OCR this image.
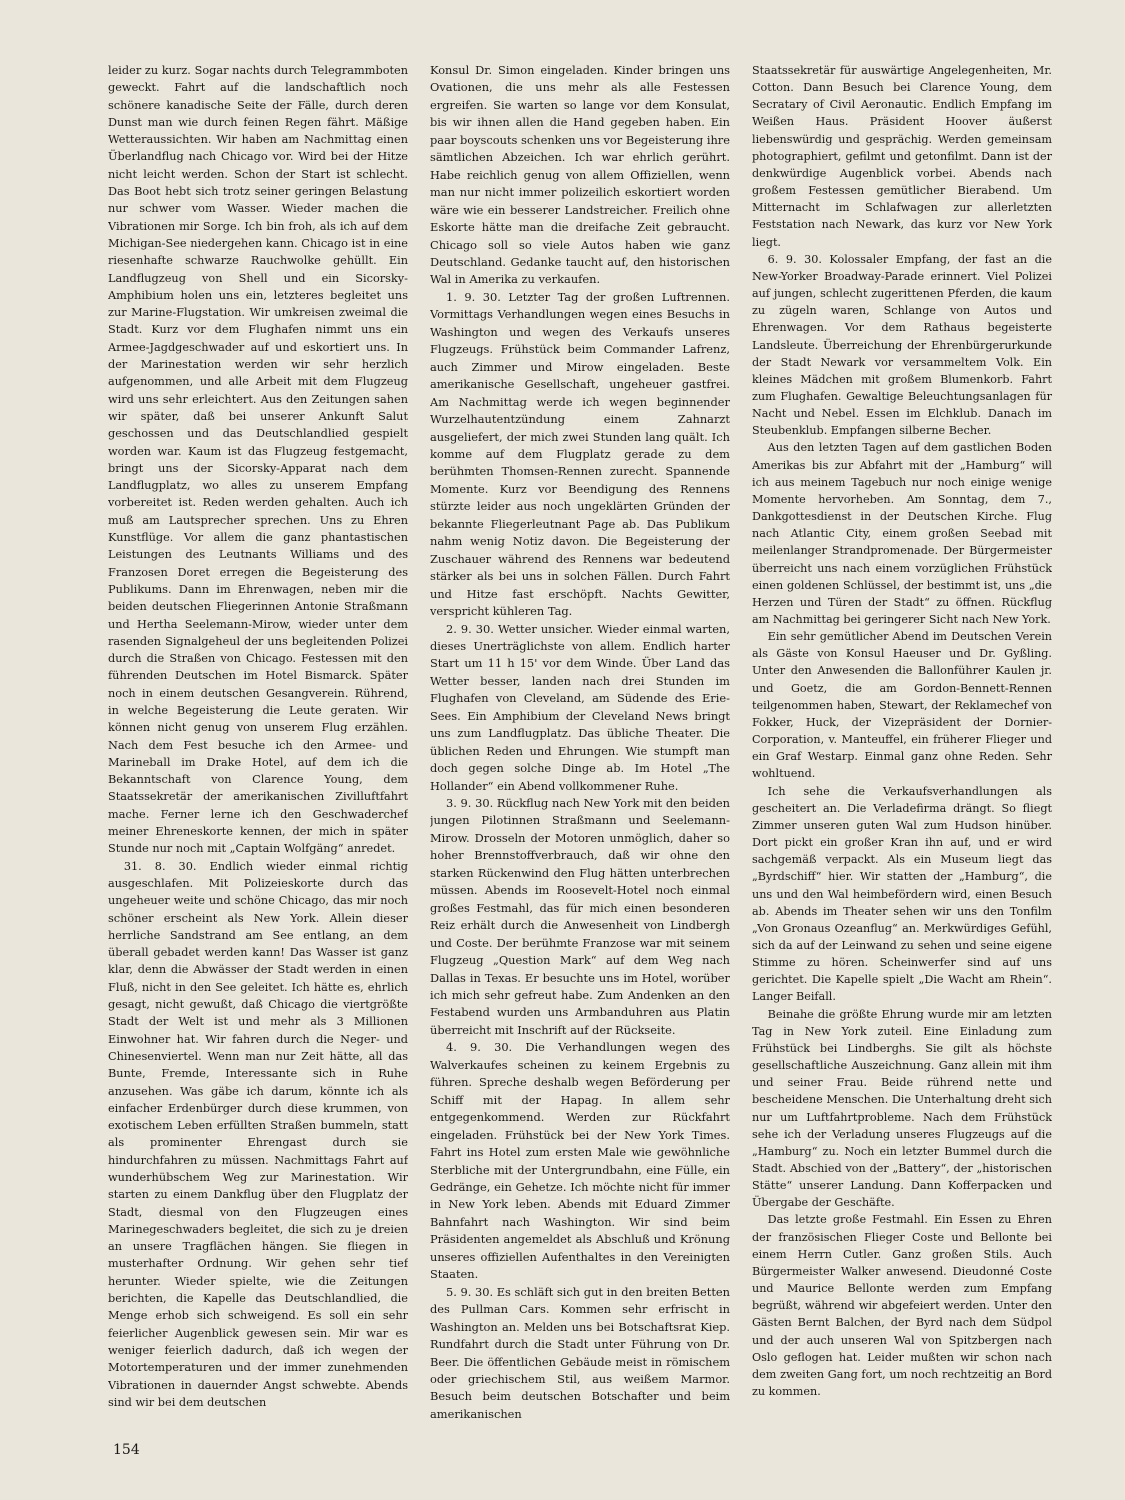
leider zu kurz. Sogar nachts durch Telegrammboten geweckt. Fahrt auf die landschaftlich noch schönere kanadische Seite der Fälle, durch deren Dunst man wie durch feinen Regen fährt. Mäßige Wetteraussichten. Wir haben am Nachmittag einen Überlandflug nach Chicago vor. Wird bei der Hitze nicht leicht werden. Schon der Start ist schlecht. Das Boot hebt sich trotz seiner geringen Belastung nur schwer vom Wasser. Wieder machen die Vibrationen mir Sorge. Ich bin froh, als ich auf dem Michigan-See niedergehen kann. Chicago ist in eine riesenhafte schwarze Rauchwolke gehüllt. Ein Landflugzeug von Shell und ein Sicorsky-Amphibium holen uns ein, letzteres begleitet uns zur Marine-Flugstation. Wir umkreisen zweimal die Stadt. Kurz vor dem Flughafen nimmt uns ein Armee-Jagdgeschwader auf und eskortiert uns. In der Marinestation werden wir sehr herzlich aufgenommen, und alle Arbeit mit dem Flugzeug wird uns sehr erleichtert. Aus den Zeitungen sahen wir später, daß bei unserer Ankunft Salut geschossen und das Deutschlandlied gespielt worden war. Kaum ist das Flugzeug festgemacht, bringt uns der Sicorsky-Apparat nach dem Landflugplatz, wo alles zu unserem Empfang vorbereitet ist. Reden werden gehalten. Auch ich muß am Lautsprecher sprechen. Uns zu Ehren Kunstflüge. Vor allem die ganz phantastischen Leistungen des Leutnants Williams und des Franzosen Doret erregen die Begeisterung des Publikums. Dann im Ehrenwagen, neben mir die beiden deutschen Fliegerinnen Antonie Straßmann und Hertha Seelemann-Mirow, wieder unter dem rasenden Signalgeheul der uns begleitenden Polizei durch die Straßen von Chicago. Festessen mit den führenden Deutschen im Hotel Bismarck. Später noch in einem deutschen Gesangverein. Rührend, in welche Begeisterung die Leute geraten. Wir können nicht genug von unserem Flug erzählen. Nach dem Fest besuche ich den Armee- und Marineball im Drake Hotel, auf dem ich die Bekanntschaft von Clarence Young, dem Staatssekretär der amerikanischen Zivilluftfahrt mache. Ferner lerne ich den Geschwaderchef meiner Ehreneskorte kennen, der mich in später Stunde nur noch mit „Captain Wolfgäng“ anredet.

31. 8. 30. Endlich wieder einmal richtig ausgeschlafen. Mit Polizeieskorte durch das ungeheuer weite und schöne Chicago, das mir noch schöner erscheint als New York. Allein dieser herrliche Sandstrand am See entlang, an dem überall gebadet werden kann! Das Wasser ist ganz klar, denn die Abwässer der Stadt werden in einen Fluß, nicht in den See geleitet. Ich hätte es, ehrlich gesagt, nicht gewußt, daß Chicago die viertgrößte Stadt der Welt ist und mehr als 3 Millionen Einwohner hat. Wir fahren durch die Neger- und Chinesenviertel. Wenn man nur Zeit hätte, all das Bunte, Fremde, Interessante sich in Ruhe anzusehen. Was gäbe ich darum, könnte ich als einfacher Erdenbürger durch diese krummen, von exotischem Leben erfüllten Straßen bummeln, statt als prominenter Ehrengast durch sie hindurchfahren zu müssen. Nachmittags Fahrt auf wunderhübschem Weg zur Marinestation. Wir starten zu einem Dankflug über den Flugplatz der Stadt, diesmal von den Flugzeugen eines Marinegeschwaders begleitet, die sich zu je dreien an unsere Tragflächen hängen. Sie fliegen in musterhafter Ordnung. Wir gehen sehr tief herunter. Wieder spielte, wie die Zeitungen berichten, die Kapelle das Deutschlandlied, die Menge erhob sich schweigend. Es soll ein sehr feierlicher Augenblick gewesen sein. Mir war es weniger feierlich dadurch, daß ich wegen der Motortemperaturen und der immer zunehmenden Vibrationen in dauernder Angst schwebte. Abends sind wir bei dem deutschen

Konsul Dr. Simon eingeladen. Kinder bringen uns Ovationen, die uns mehr als alle Festessen ergreifen. Sie warten so lange vor dem Konsulat, bis wir ihnen allen die Hand gegeben haben. Ein paar boyscouts schenken uns vor Begeisterung ihre sämtlichen Abzeichen. Ich war ehrlich gerührt. Habe reichlich genug von allem Offiziellen, wenn man nur nicht immer polizeilich eskortiert worden wäre wie ein besserer Landstreicher. Freilich ohne Eskorte hätte man die dreifache Zeit gebraucht. Chicago soll so viele Autos haben wie ganz Deutschland. Gedanke taucht auf, den historischen Wal in Amerika zu verkaufen.

1. 9. 30. Letzter Tag der großen Luftrennen. Vormittags Verhandlungen wegen eines Besuchs in Washington und wegen des Verkaufs unseres Flugzeugs. Frühstück beim Commander Lafrenz, auch Zimmer und Mirow eingeladen. Beste amerikanische Gesellschaft, ungeheuer gastfrei. Am Nachmittag werde ich wegen beginnender Wurzelhautentzündung einem Zahnarzt ausgeliefert, der mich zwei Stunden lang quält. Ich komme auf dem Flugplatz gerade zu dem berühmten Thomsen-Rennen zurecht. Spannende Momente. Kurz vor Beendigung des Rennens stürzte leider aus noch ungeklärten Gründen der bekannte Fliegerleutnant Page ab. Das Publikum nahm wenig Notiz davon. Die Begeisterung der Zuschauer während des Rennens war bedeutend stärker als bei uns in solchen Fällen. Durch Fahrt und Hitze fast erschöpft. Nachts Gewitter, verspricht kühleren Tag.

2. 9. 30. Wetter unsicher. Wieder einmal warten, dieses Unerträglichste von allem. Endlich harter Start um 11 h 15' vor dem Winde. Über Land das Wetter besser, landen nach drei Stunden im Flughafen von Cleveland, am Südende des Erie-Sees. Ein Amphibium der Cleveland News bringt uns zum Landflugplatz. Das übliche Theater. Die üblichen Reden und Ehrungen. Wie stumpft man doch gegen solche Dinge ab. Im Hotel „The Hollander“ ein Abend vollkommener Ruhe.

3. 9. 30. Rückflug nach New York mit den beiden jungen Pilotinnen Straßmann und Seelemann-Mirow. Drosseln der Motoren unmöglich, daher so hoher Brennstoffverbrauch, daß wir ohne den starken Rückenwind den Flug hätten unterbrechen müssen. Abends im Roosevelt-Hotel noch einmal großes Festmahl, das für mich einen besonderen Reiz erhält durch die Anwesenheit von Lindbergh und Coste. Der berühmte Franzose war mit seinem Flugzeug „Question Mark“ auf dem Weg nach Dallas in Texas. Er besuchte uns im Hotel, worüber ich mich sehr gefreut habe. Zum Andenken an den Festabend wurden uns Armbanduhren aus Platin überreicht mit Inschrift auf der Rückseite.

4. 9. 30. Die Verhandlungen wegen des Walverkaufes scheinen zu keinem Ergebnis zu führen. Spreche deshalb wegen Beförderung per Schiff mit der Hapag. In allem sehr entgegenkommend. Werden zur Rückfahrt eingeladen. Frühstück bei der New York Times. Fahrt ins Hotel zum ersten Male wie gewöhnliche Sterbliche mit der Untergrundbahn, eine Fülle, ein Gedränge, ein Gehetze. Ich möchte nicht für immer in New York leben. Abends mit Eduard Zimmer Bahnfahrt nach Washington. Wir sind beim Präsidenten angemeldet als Abschluß und Krönung unseres offiziellen Aufenthaltes in den Vereinigten Staaten.

5. 9. 30. Es schläft sich gut in den breiten Betten des Pullman Cars. Kommen sehr erfrischt in Washington an. Melden uns bei Botschaftsrat Kiep. Rundfahrt durch die Stadt unter Führung von Dr. Beer. Die öffentlichen Gebäude meist in römischem oder griechischem Stil, aus weißem Marmor. Besuch beim deutschen Botschafter und beim amerikanischen

Staatssekretär für auswärtige Angelegenheiten, Mr. Cotton. Dann Besuch bei Clarence Young, dem Secratary of Civil Aeronautic. Endlich Empfang im Weißen Haus. Präsident Hoover äußerst liebenswürdig und gesprächig. Werden gemeinsam photographiert, gefilmt und getonfilmt. Dann ist der denkwürdige Augenblick vorbei. Abends nach großem Festessen gemütlicher Bierabend. Um Mitternacht im Schlafwagen zur allerletzten Feststation nach Newark, das kurz vor New York liegt.

6. 9. 30. Kolossaler Empfang, der fast an die New-Yorker Broadway-Parade erinnert. Viel Polizei auf jungen, schlecht zugerittenen Pferden, die kaum zu zügeln waren, Schlange von Autos und Ehrenwagen. Vor dem Rathaus begeisterte Landsleute. Überreichung der Ehrenbürgerurkunde der Stadt Newark vor versammeltem Volk. Ein kleines Mädchen mit großem Blumenkorb. Fahrt zum Flughafen. Gewaltige Beleuchtungsanlagen für Nacht und Nebel. Essen im Elchklub. Danach im Steubenklub. Empfangen silberne Becher.

Aus den letzten Tagen auf dem gastlichen Boden Amerikas bis zur Abfahrt mit der „Hamburg“ will ich aus meinem Tagebuch nur noch einige wenige Momente hervorheben. Am Sonntag, dem 7., Dankgottesdienst in der Deutschen Kirche. Flug nach Atlantic City, einem großen Seebad mit meilenlanger Strandpromenade. Der Bürgermeister überreicht uns nach einem vorzüglichen Frühstück einen goldenen Schlüssel, der bestimmt ist, uns „die Herzen und Türen der Stadt“ zu öffnen. Rückflug am Nachmittag bei geringerer Sicht nach New York.

Ein sehr gemütlicher Abend im Deutschen Verein als Gäste von Konsul Haeuser und Dr. Gyßling. Unter den Anwesenden die Ballonführer Kaulen jr. und Goetz, die am Gordon-Bennett-Rennen teilgenommen haben, Stewart, der Reklamechef von Fokker, Huck, der Vizepräsident der Dornier-Corporation, v. Manteuffel, ein früherer Flieger und ein Graf Westarp. Einmal ganz ohne Reden. Sehr wohltuend.

Ich sehe die Verkaufsverhandlungen als gescheitert an. Die Verladefirma drängt. So fliegt Zimmer unseren guten Wal zum Hudson hinüber. Dort pickt ein großer Kran ihn auf, und er wird sachgemäß verpackt. Als ein Museum liegt das „Byrdschiff“ hier. Wir statten der „Hamburg“, die uns und den Wal heimbefördern wird, einen Besuch ab. Abends im Theater sehen wir uns den Tonfilm „Von Gronaus Ozeanflug“ an. Merkwürdiges Gefühl, sich da auf der Leinwand zu sehen und seine eigene Stimme zu hören. Scheinwerfer sind auf uns gerichtet. Die Kapelle spielt „Die Wacht am Rhein“. Langer Beifall.

Beinahe die größte Ehrung wurde mir am letzten Tag in New York zuteil. Eine Einladung zum Frühstück bei Lindberghs. Sie gilt als höchste gesellschaftliche Auszeichnung. Ganz allein mit ihm und seiner Frau. Beide rührend nette und bescheidene Menschen. Die Unterhaltung dreht sich nur um Luftfahrtprobleme. Nach dem Frühstück sehe ich der Verladung unseres Flugzeugs auf die „Hamburg“ zu. Noch ein letzter Bummel durch die Stadt. Abschied von der „Battery“, der „historischen Stätte“ unserer Landung. Dann Kofferpacken und Übergabe der Geschäfte.

Das letzte große Festmahl. Ein Essen zu Ehren der französischen Flieger Coste und Bellonte bei einem Herrn Cutler. Ganz großen Stils. Auch Bürgermeister Walker anwesend. Dieudonné Coste und Maurice Bellonte werden zum Empfang begrüßt, während wir abgefeiert werden. Unter den Gästen Bernt Balchen, der Byrd nach dem Südpol und der auch unseren Wal von Spitzbergen nach Oslo geflogen hat. Leider mußten wir schon nach dem zweiten Gang fort, um noch rechtzeitig an Bord zu kommen.

154
